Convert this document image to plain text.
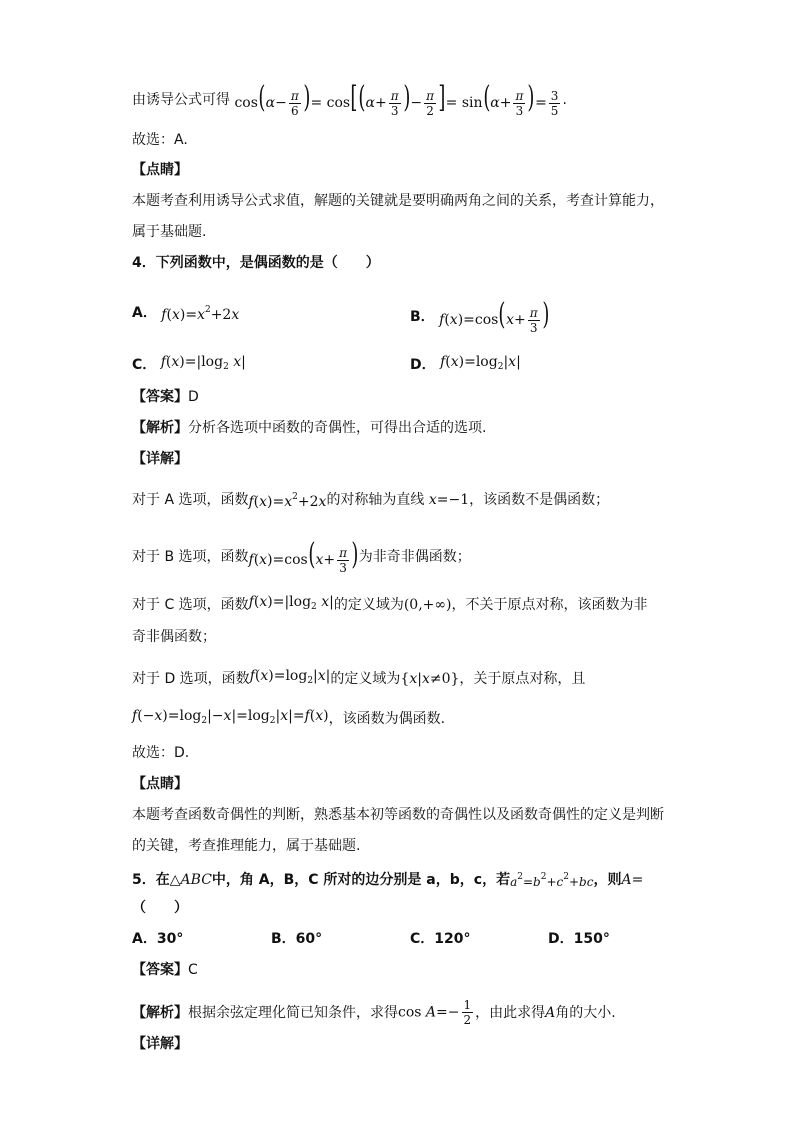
由诱导公式可得 $\cos(\alpha- \frac{\pi}{6}$ )= $\cos[(\alpha+ \frac{\pi}{3}$ )− $\frac{\pi}{2}$ ]= $\sin(\alpha+ \frac{\pi}{3}$ )= $\frac{3}{5}$ .
故选：A.
【点睛】
本题考查利用诱导公式求值，解题的关键就是要明确两角之间的关系，考查计算能力，
属于基础题.
4．下列函数中，是偶函数的是（　　）
A． $f(x)=x^2+2x$	B． $f(x)=\cos(x+ \frac{\pi}{3}$ )
C． $f(x)=|\log_2$ x|	D． $f(x)=\log_2|x|$
【答案】 D
【解析】 分析各选项中函数的奇偶性，可得出合适的选项.
【详解】
对于 A 选项，函数 $f(x)=x^2+2x$ 的对称轴为直线 x=−1 ，该函数不是偶函数；
对于 B 选项，函数 $f(x)=\cos(x+ \frac{\pi}{3}$ ) 为非奇非偶函数；
对于 C 选项，函数 $f(x)=|\log_2$ x| 的定义域为 (0,+∞) ，不关于原点对称，该函数为非
奇非偶函数；
对于 D 选项，函数 $f(x)=\log_2|x|$ 的定义域为 {x|x≠0} ，关于原点对称，且
$f(-x)=\log_2|-x|=\log_2|x|=f(x)$ ，该函数为偶函数.
故选：D.
【点睛】
本题考查函数奇偶性的判断，熟悉基本初等函数的奇偶性以及函数奇偶性的定义是判断
的关键，考查推理能力，属于基础题.
5．在 △ABC 中，角 A，B，C 所对的边分别是 a，b，c，若 $a^2=b^2+c^2+bc$ ，则 A =
（　　）
A．30°	B．60°	C．120°	D．150°
【答案】 C
【解析】 根据余弦定理化简已知条件，求得 $\cos A=- \frac{1}{2}$ ，由此求得 A 角的大小.
【详解】
